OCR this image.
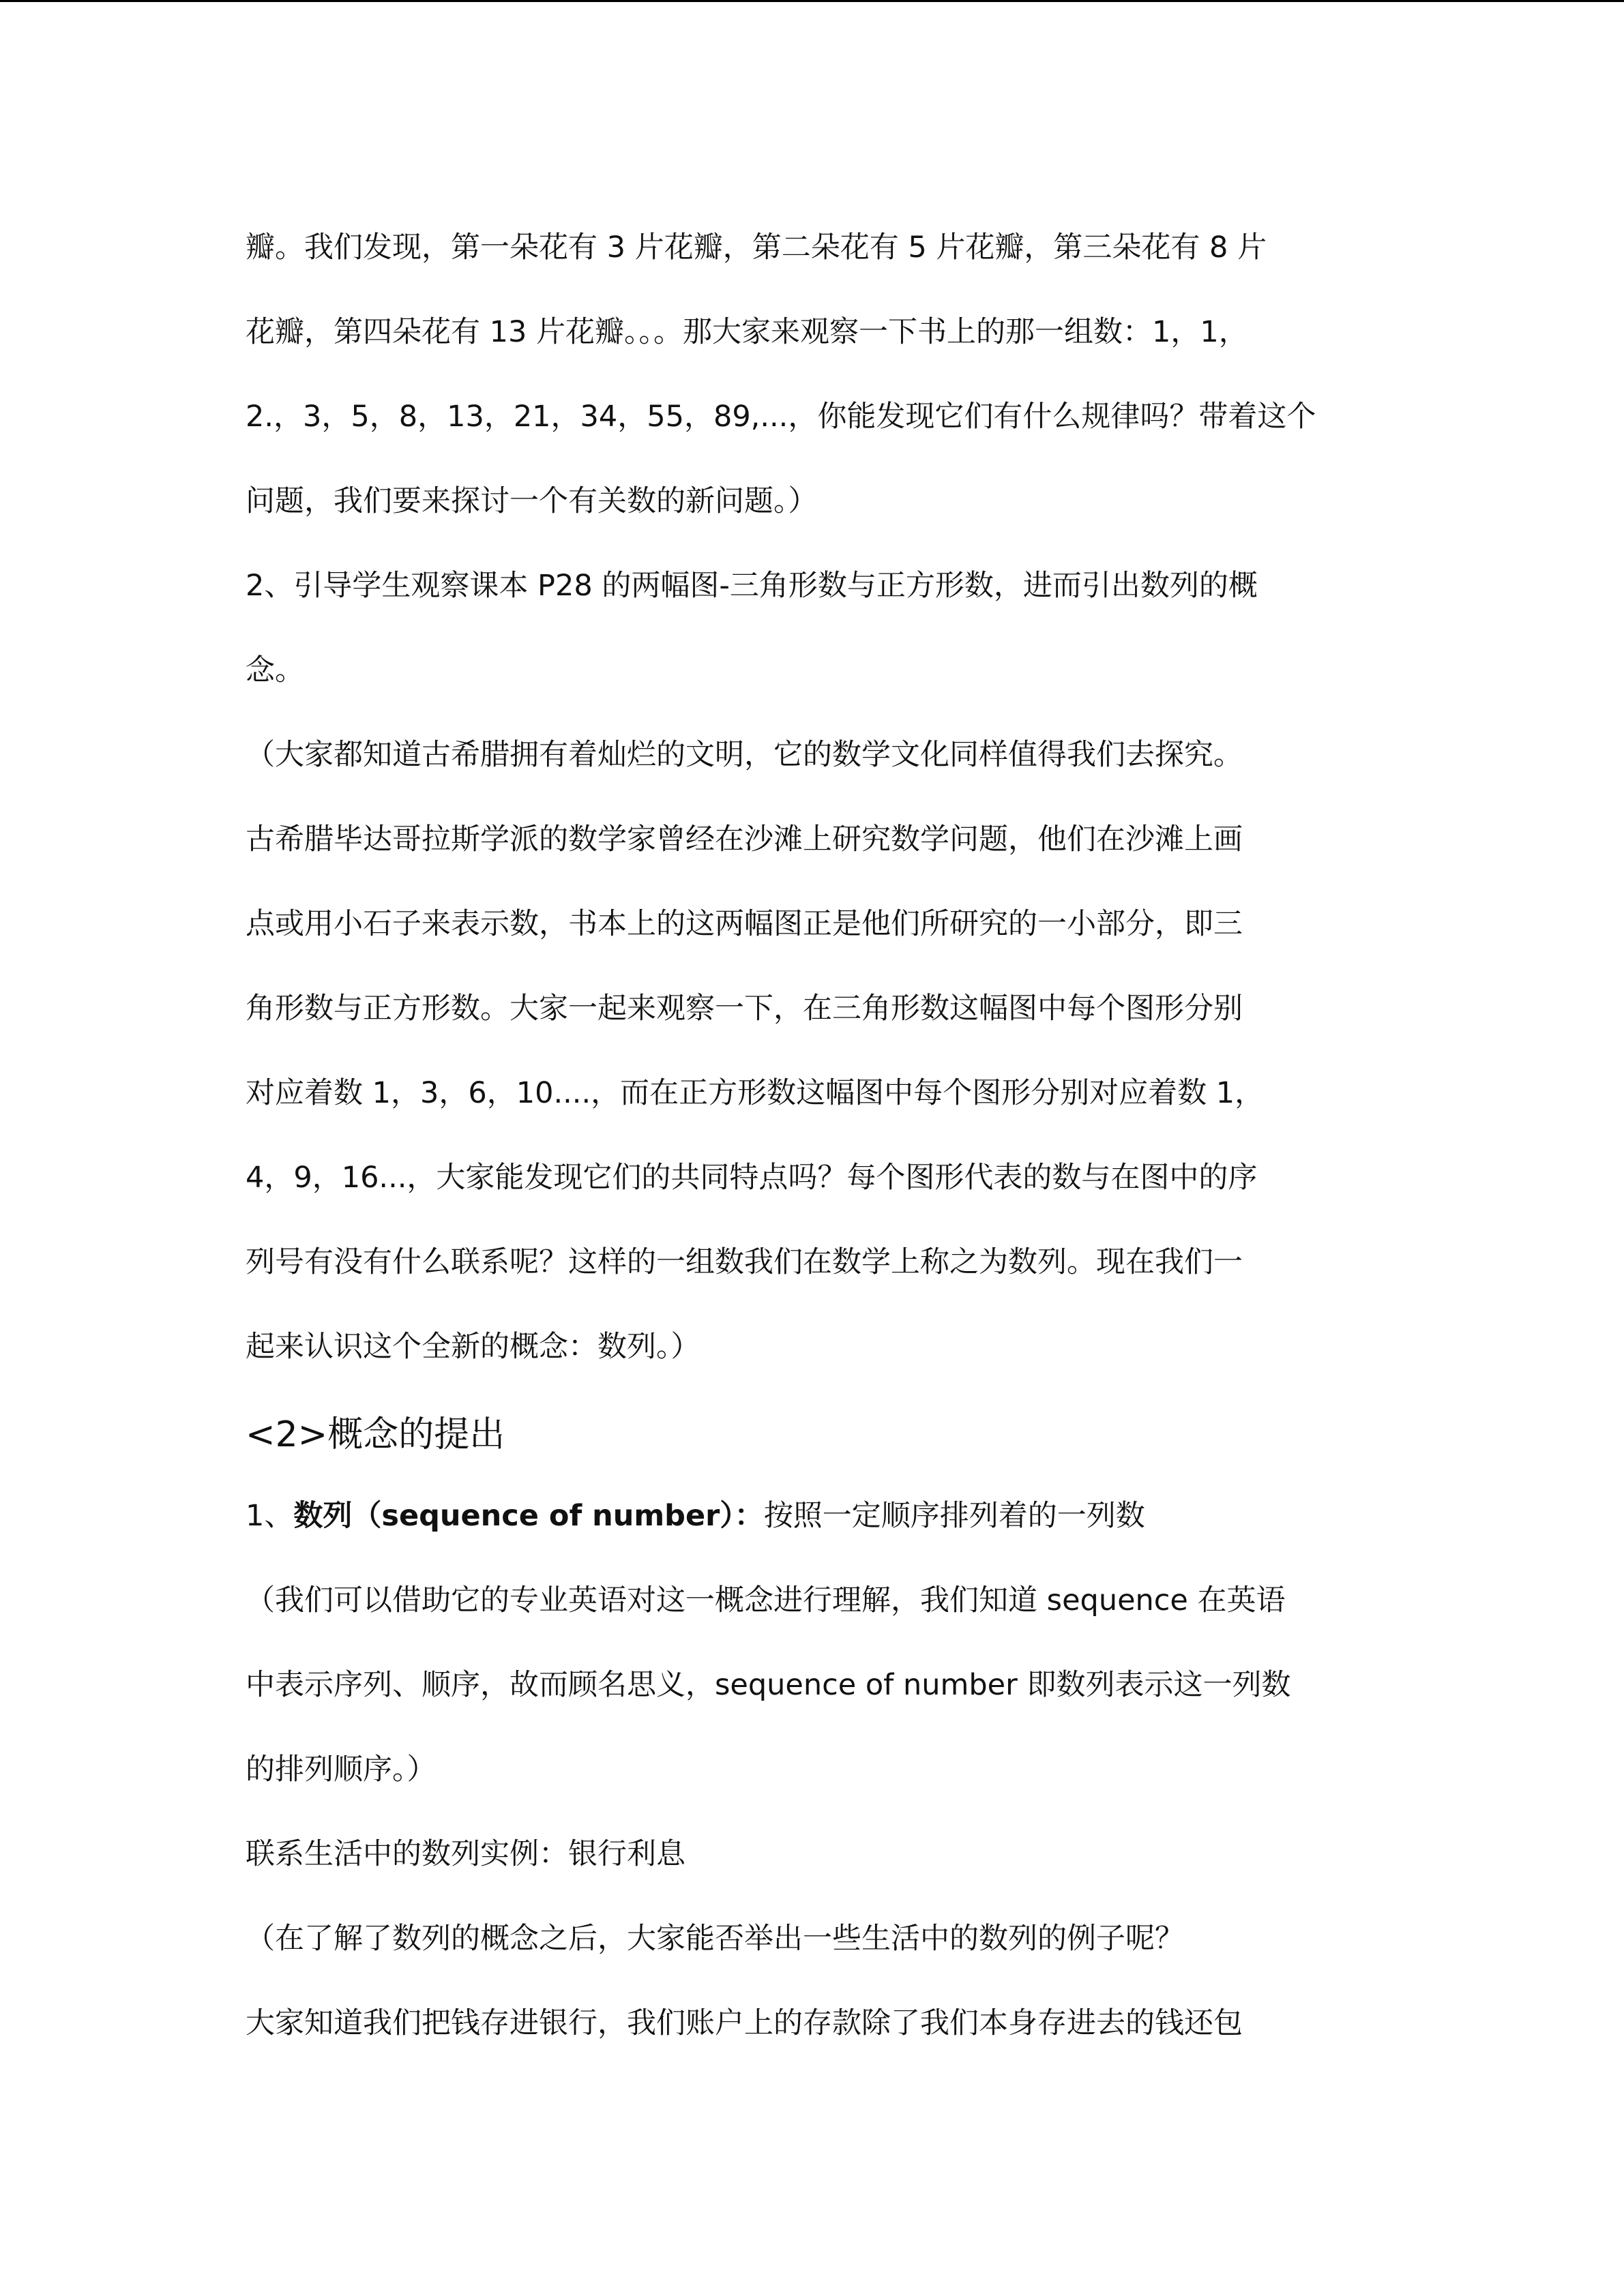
瓣。我们发现，第一朵花有 3 片花瓣，第二朵花有 5 片花瓣，第三朵花有 8 片
花瓣，第四朵花有 13 片花瓣。。。那大家来观察一下书上的那一组数：1，1，
2.，3，5，8，13，21，34，55，89,...，你能发现它们有什么规律吗？带着这个
问题，我们要来探讨一个有关数的新问题。）
2、引导学生观察课本 P28 的两幅图-三角形数与正方形数，进而引出数列的概
念。
（大家都知道古希腊拥有着灿烂的文明，它的数学文化同样值得我们去探究。
古希腊毕达哥拉斯学派的数学家曾经在沙滩上研究数学问题，他们在沙滩上画
点或用小石子来表示数，书本上的这两幅图正是他们所研究的一小部分，即三
角形数与正方形数。大家一起来观察一下，在三角形数这幅图中每个图形分别
对应着数 1，3，6，10....，而在正方形数这幅图中每个图形分别对应着数 1，
4，9，16...，大家能发现它们的共同特点吗？每个图形代表的数与在图中的序
列号有没有什么联系呢？这样的一组数我们在数学上称之为数列。现在我们一
起来认识这个全新的概念：数列。）
<2>概念的提出
1、数列（sequence of number）：按照一定顺序排列着的一列数
（我们可以借助它的专业英语对这一概念进行理解，我们知道 sequence 在英语
中表示序列、顺序，故而顾名思义，sequence of number 即数列表示这一列数
的排列顺序。）
联系生活中的数列实例：银行利息
（在了解了数列的概念之后，大家能否举出一些生活中的数列的例子呢？
大家知道我们把钱存进银行，我们账户上的存款除了我们本身存进去的钱还包
